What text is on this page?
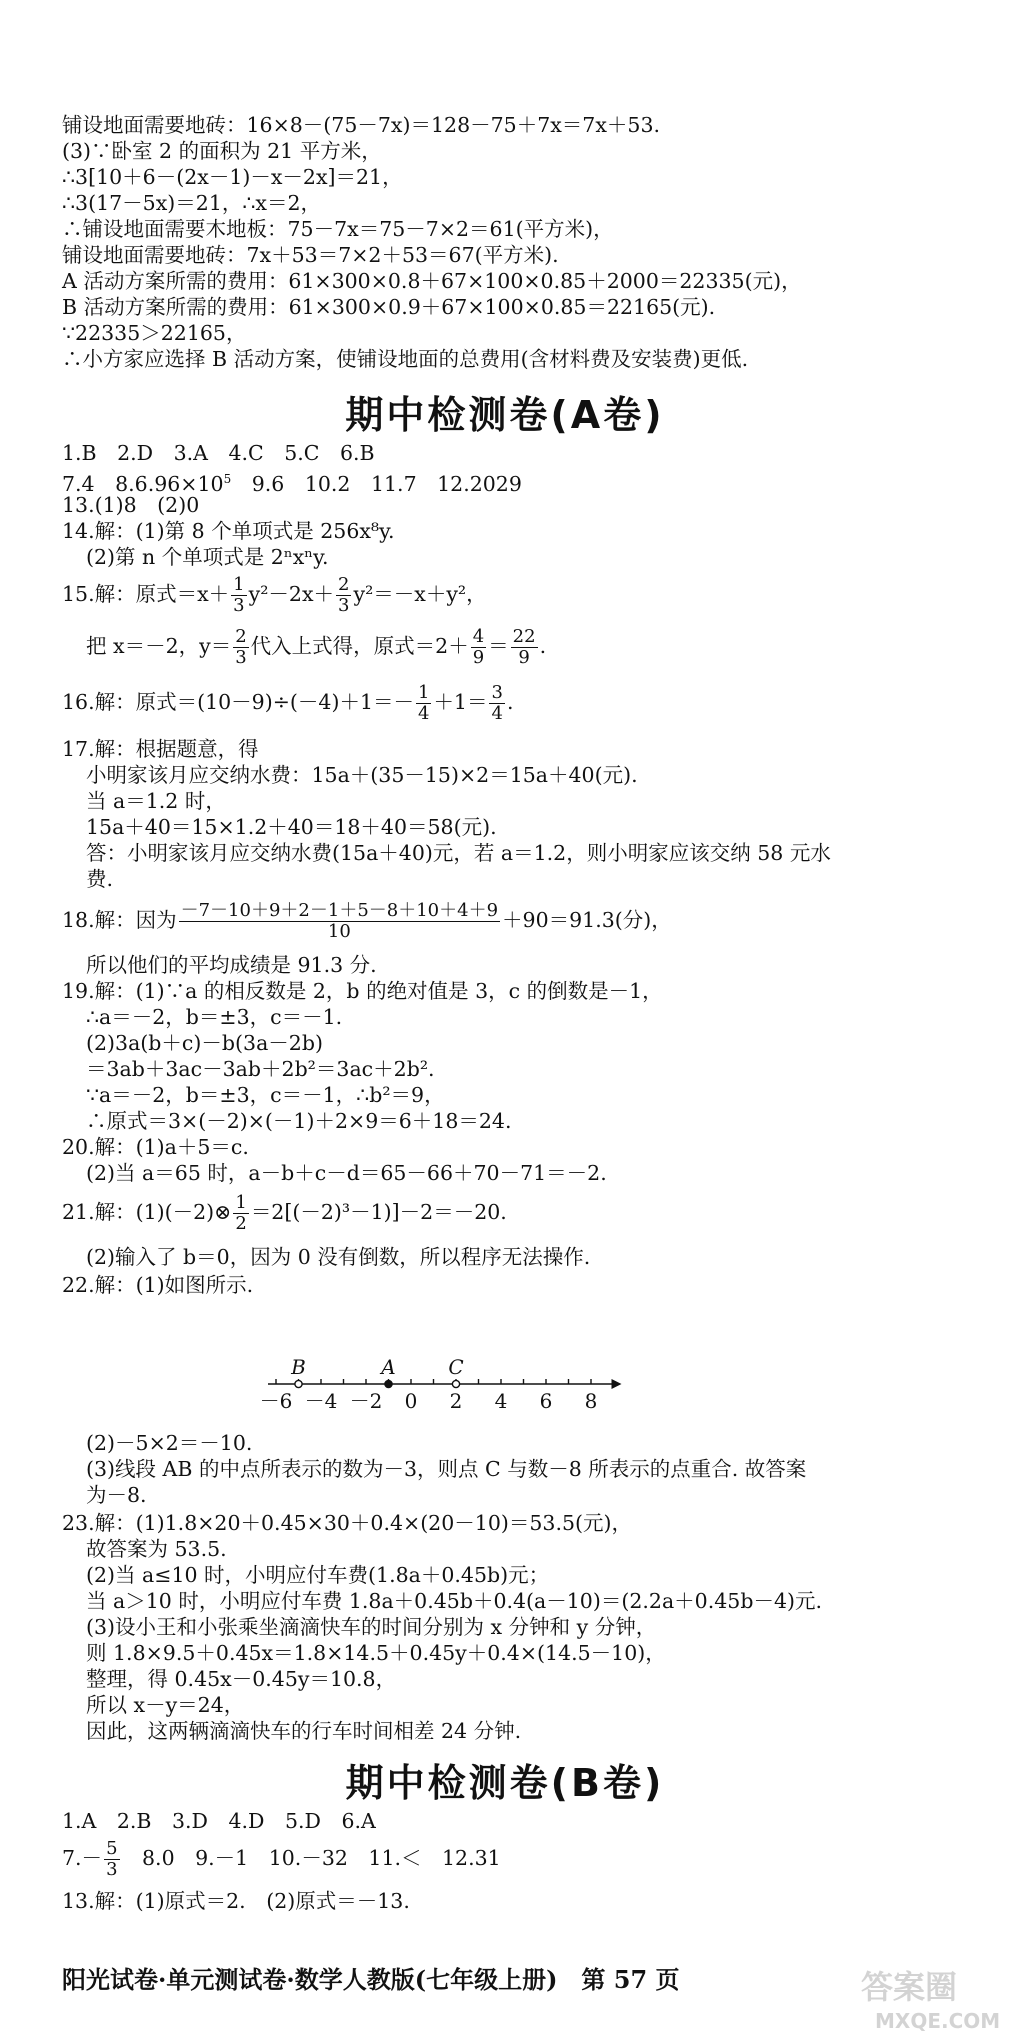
铺设地面需要地砖：16×8－(75－7x)＝128－75＋7x＝7x＋53.
(3)∵卧室 2 的面积为 21 平方米，
∴3[10＋6－(2x－1)－x－2x]＝21，
∴3(17－5x)＝21，∴x＝2，
∴铺设地面需要木地板：75－7x＝75－7×2＝61(平方米)，
铺设地面需要地砖：7x＋53＝7×2＋53＝67(平方米).
A 活动方案所需的费用：61×300×0.8＋67×100×0.85＋2000＝22335(元)，
B 活动方案所需的费用：61×300×0.9＋67×100×0.85＝22165(元).
∵22335＞22165，
∴小方家应选择 B 活动方案，使铺设地面的总费用(含材料费及安装费)更低.
期中检测卷(A卷)
1.B　2.D　3.A　4.C　5.C　6.B
7.4　$8.6.96\times 10^5$　9.6　10.2　11.7　12.2029
13.(1)8　(2)0
14.解：(1)第 8 个单项式是 256x⁸y.
(2)第 n 个单项式是 2ⁿxⁿy.
15.解：原式$=x+ \frac{1}{3} y^2-2x+ \frac{2}{3} y^2=-x+y^2$，
把 x＝－2，$y= \frac{2}{3}$ 代入上式得，原式$=2+ \frac{4}{9} = \frac{22}{9}$ .
16.解：原式$=(10-9)\div(-4)+1=- \frac{1}{4} +1= \frac{3}{4}$ .
17.解：根据题意，得
小明家该月应交纳水费：15a＋(35－15)×2＝15a＋40(元).
当 a＝1.2 时，
15a＋40＝15×1.2＋40＝18＋40＝58(元).
答：小明家该月应交纳水费(15a＋40)元，若 a＝1.2，则小明家应该交纳 58 元水
费.
18.解：因为 $\frac{-7-10+9+2-1+5-8+10+4+9}{10} +90=91.3$(分)，
所以他们的平均成绩是 91.3 分.
19.解：(1)∵a 的相反数是 2，b 的绝对值是 3，c 的倒数是－1，
∴a＝－2，b＝±3，c＝－1.
(2)3a(b＋c)－b(3a－2b)
＝3ab＋3ac－3ab＋2b²＝3ac＋2b².
∵a＝－2，b＝±3，c＝－1，∴b²＝9，
∴原式＝3×(－2)×(－1)＋2×9＝6＋18＝24.
20.解：(1)a＋5＝c.
(2)当 a＝65 时，a－b＋c－d＝65－66＋70－71＝－2.
21.解：(1)(－2)⊗ $\frac{1}{2} =2[(-2)^3-1)]-2=-20$.
(2)输入了 b＝0，因为 0 没有倒数，所以程序无法操作.
22.解：(1)如图所示.
－6 －4 －2 0 2 4 6 8
B	A	C
(2)－5×2＝－10.
(3)线段 AB 的中点所表示的数为－3，则点 C 与数－8 所表示的点重合. 故答案
为－8.
23.解：(1)1.8×20＋0.45×30＋0.4×(20－10)＝53.5(元)，
故答案为 53.5.
(2)当 a≤10 时，小明应付车费(1.8a＋0.45b)元；
当 a＞10 时，小明应付车费 1.8a＋0.45b＋0.4(a－10)＝(2.2a＋0.45b－4)元.
(3)设小王和小张乘坐滴滴快车的时间分别为 x 分钟和 y 分钟，
则 1.8×9.5＋0.45x＝1.8×14.5＋0.45y＋0.4×(14.5－10)，
整理，得 0.45x－0.45y＝10.8，
所以 x－y＝24，
因此，这两辆滴滴快车的行车时间相差 24 分钟.
期中检测卷(B卷)
1.A　2.B　3.D　4.D　5.D　6.A
$7.- \frac{5}{3}$ 　8.0　9.－1　10.－32　11.＜　12.31
13.解：(1)原式＝2.　(2)原式＝－13.
阳光试卷·单元测试卷·数学人教版(七年级上册)　第 57 页	答案圈
MXQE.COM
